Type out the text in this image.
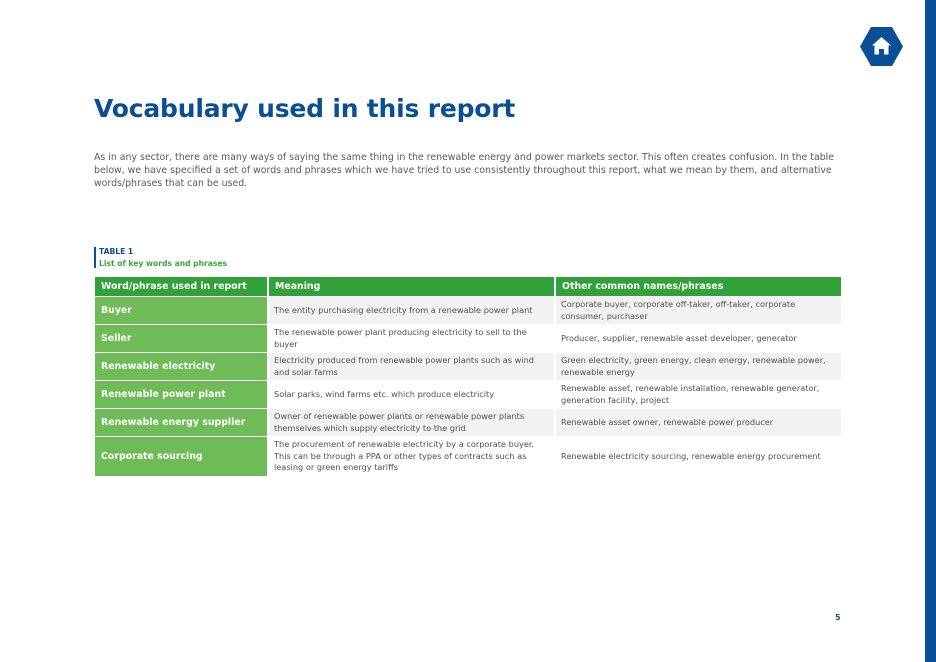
Vocabulary used in this report

As in any sector, there are many ways of saying the same thing in the renewable energy and power markets sector. This often creates confusion. In the table below, we have specified a set of words and phrases which we have tried to use consistently throughout this report, what we mean by them, and alternative words/phrases that can be used.

TABLE 1
List of key words and phrases
Word/phrase used in report	Meaning	Other common names/phrases
Buyer	The entity purchasing electricity from a renewable power plant	Corporate buyer, corporate off-taker, off-taker, corporate consumer, purchaser
Seller	The renewable power plant producing electricity to sell to the buyer	Producer, supplier, renewable asset developer, generator
Renewable electricity	Electricity produced from renewable power plants such as wind and solar farms	Green electricity, green energy, clean energy, renewable power, renewable energy
Renewable power plant	Solar parks, wind farms etc. which produce electricity	Renewable asset, renewable installation, renewable generator, generation facility, project
Renewable energy supplier	Owner of renewable power plants or renewable power plants themselves which supply electricity to the grid	Renewable asset owner, renewable power producer
Corporate sourcing	The procurement of renewable electricity by a corporate buyer. This can be through a PPA or other types of contracts such as leasing or green energy tariffs	Renewable electricity sourcing, renewable energy procurement
5
